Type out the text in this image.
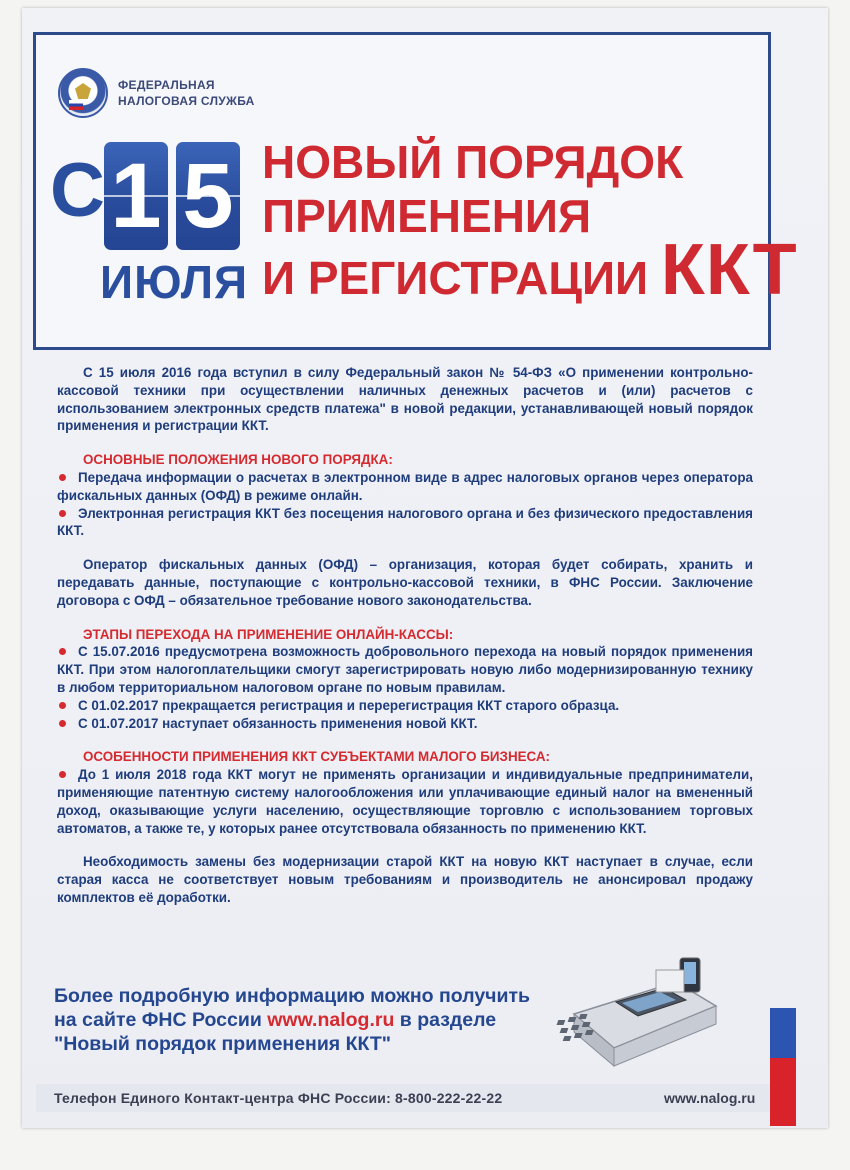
ФЕДЕРАЛЬНАЯ
НАЛОГОВАЯ СЛУЖБА
С 1 5
ИЮЛЯ
НОВЫЙ ПОРЯДОК
ПРИМЕНЕНИЯ
И РЕГИСТРАЦИИ ККТ

С 15 июля 2016 года вступил в силу Федеральный закон № 54-ФЗ «О применении контрольно-кассовой техники при осуществлении наличных денежных расчетов и (или) расчетов с использованием электронных средств платежа" в новой редакции, устанавливающей новый порядок применения и регистрации ККТ.

ОСНОВНЫЕ ПОЛОЖЕНИЯ НОВОГО ПОРЯДКА:

Передача информации о расчетах в электронном виде в адрес налоговых органов через оператора фискальных данных (ОФД) в режиме онлайн.

Электронная регистрация ККТ без посещения налогового органа и без физического предоставления ККТ.

Оператор фискальных данных (ОФД) – организация, которая будет собирать, хранить и передавать данные, поступающие с контрольно-кассовой техники, в ФНС России. Заключение договора с ОФД – обязательное требование нового законодательства.

ЭТАПЫ ПЕРЕХОДА НА ПРИМЕНЕНИЕ ОНЛАЙН-КАССЫ:

С 15.07.2016 предусмотрена возможность добровольного перехода на новый порядок применения ККТ. При этом налогоплательщики смогут зарегистрировать новую либо модернизированную технику в любом территориальном налоговом органе по новым правилам.

С 01.02.2017 прекращается регистрация и перерегистрация ККТ старого образца.

С 01.07.2017 наступает обязанность применения новой ККТ.

ОСОБЕННОСТИ ПРИМЕНЕНИЯ ККТ СУБЪЕКТАМИ МАЛОГО БИЗНЕСА:

До 1 июля 2018 года ККТ могут не применять организации и индивидуальные предприниматели, применяющие патентную систему налогообложения или уплачивающие единый налог на вмененный доход, оказывающие услуги населению, осуществляющие торговлю с использованием торговых автоматов, а также те, у которых ранее отсутствовала обязанность по применению ККТ.

Необходимость замены без модернизации старой ККТ на новую ККТ наступает в случае, если старая касса не соответствует новым требованиям и производитель не анонсировал продажу комплектов её доработки.

Более подробную информацию можно получить
на сайте ФНС России www.nalog.ru в разделе
"Новый порядок применения ККТ"
Телефон Единого Контакт-центра ФНС России: 8-800-222-22-22	www.nalog.ru
